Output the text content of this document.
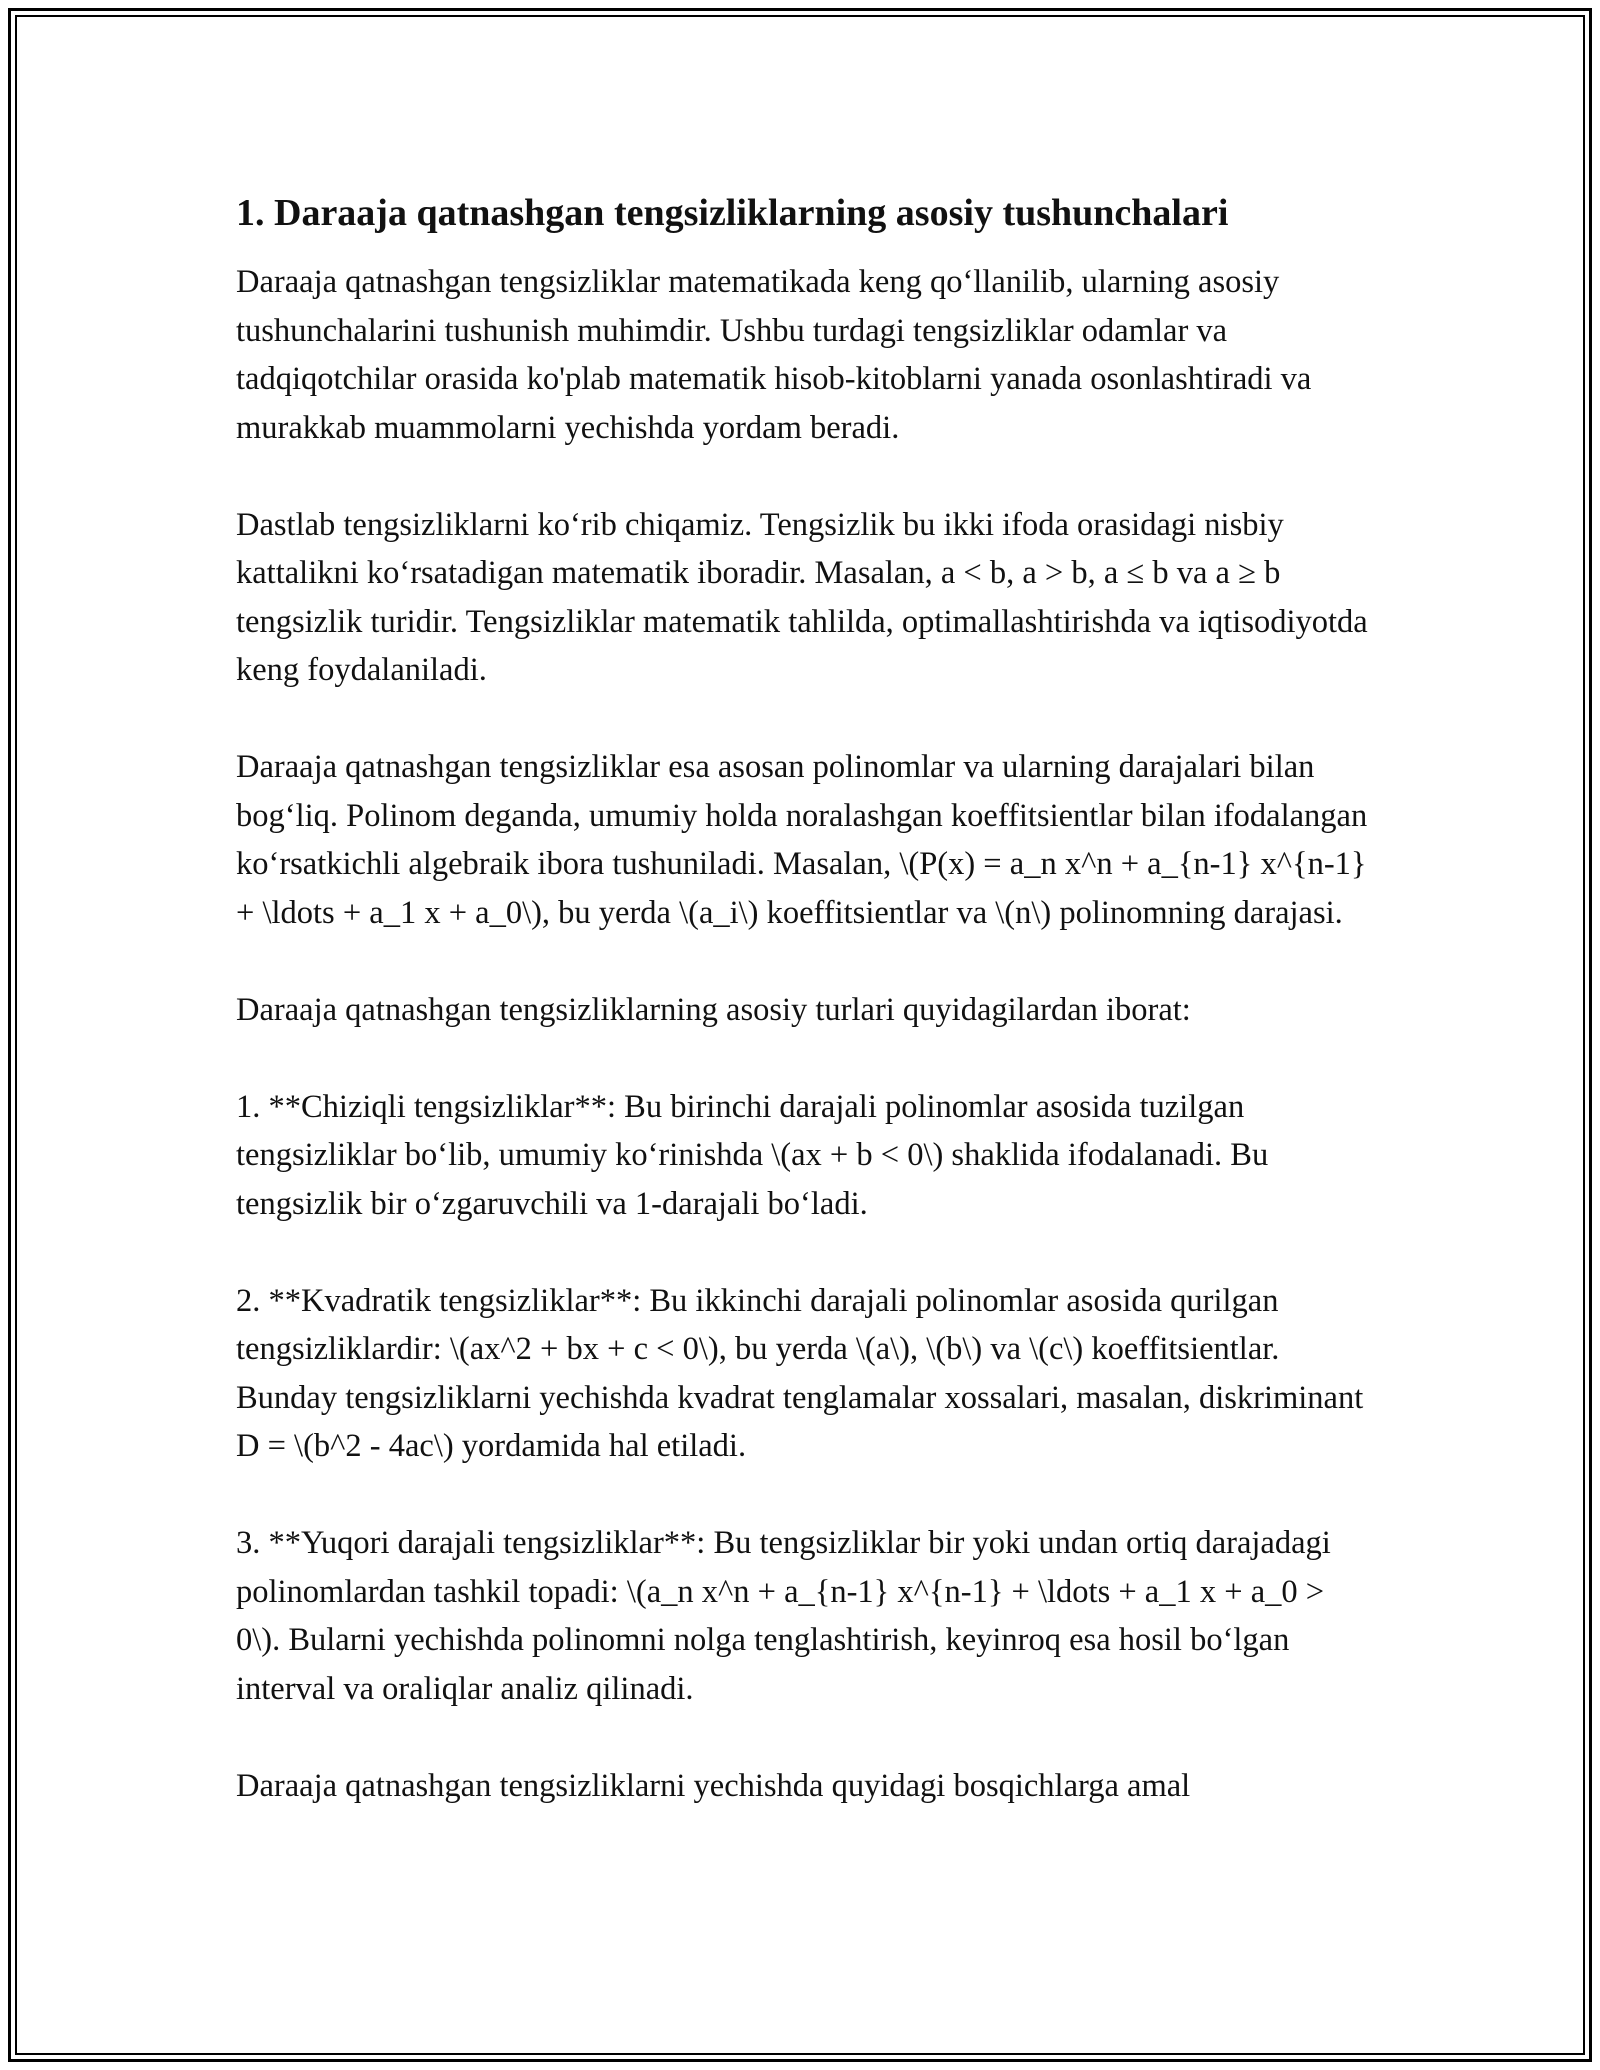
1. Daraaja qatnashgan tengsizliklarning asosiy tushunchalari

Daraaja qatnashgan tengsizliklar matematikada keng qo‘llanilib, ularning asosiy tushunchalarini tushunish muhimdir. Ushbu turdagi tengsizliklar odamlar va tadqiqotchilar orasida ko'plab matematik hisob-kitoblarni yanada osonlashtiradi va murakkab muammolarni yechishda yordam beradi.

Dastlab tengsizliklarni ko‘rib chiqamiz. Tengsizlik bu ikki ifoda orasidagi nisbiy kattalikni ko‘rsatadigan matematik iboradir. Masalan, a < b, a > b, a ≤ b va a ≥ b tengsizlik turidir. Tengsizliklar matematik tahlilda, optimallashtirishda va iqtisodiyotda keng foydalaniladi.

Daraaja qatnashgan tengsizliklar esa asosan polinomlar va ularning darajalari bilan bog‘liq. Polinom deganda, umumiy holda noralashgan koeffitsientlar bilan ifodalangan ko‘rsatkichli algebraik ibora tushuniladi. Masalan, \(P(x) = a_n x^n + a_{n-1} x^{n-1} + \ldots + a_1 x + a_0\), bu yerda \(a_i\) koeffitsientlar va \(n\) polinomning darajasi.

Daraaja qatnashgan tengsizliklarning asosiy turlari quyidagilardan iborat:

1. **Chiziqli tengsizliklar**: Bu birinchi darajali polinomlar asosida tuzilgan tengsizliklar bo‘lib, umumiy ko‘rinishda \(ax + b < 0\) shaklida ifodalanadi. Bu tengsizlik bir o‘zgaruvchili va 1-darajali bo‘ladi.

2. **Kvadratik tengsizliklar**: Bu ikkinchi darajali polinomlar asosida qurilgan tengsizliklardir: \(ax^2 + bx + c < 0\), bu yerda \(a\), \(b\) va \(c\) koeffitsientlar. Bunday tengsizliklarni yechishda kvadrat tenglamalar xossalari, masalan, diskriminant D = \(b^2 - 4ac\) yordamida hal etiladi.

3. **Yuqori darajali tengsizliklar**: Bu tengsizliklar bir yoki undan ortiq darajadagi polinomlardan tashkil topadi: \(a_n x^n + a_{n-1} x^{n-1} + \ldots + a_1 x + a_0 > 0\). Bularni yechishda polinomni nolga tenglashtirish, keyinroq esa hosil bo‘lgan interval va oraliqlar analiz qilinadi.

Daraaja qatnashgan tengsizliklarni yechishda quyidagi bosqichlarga amal
